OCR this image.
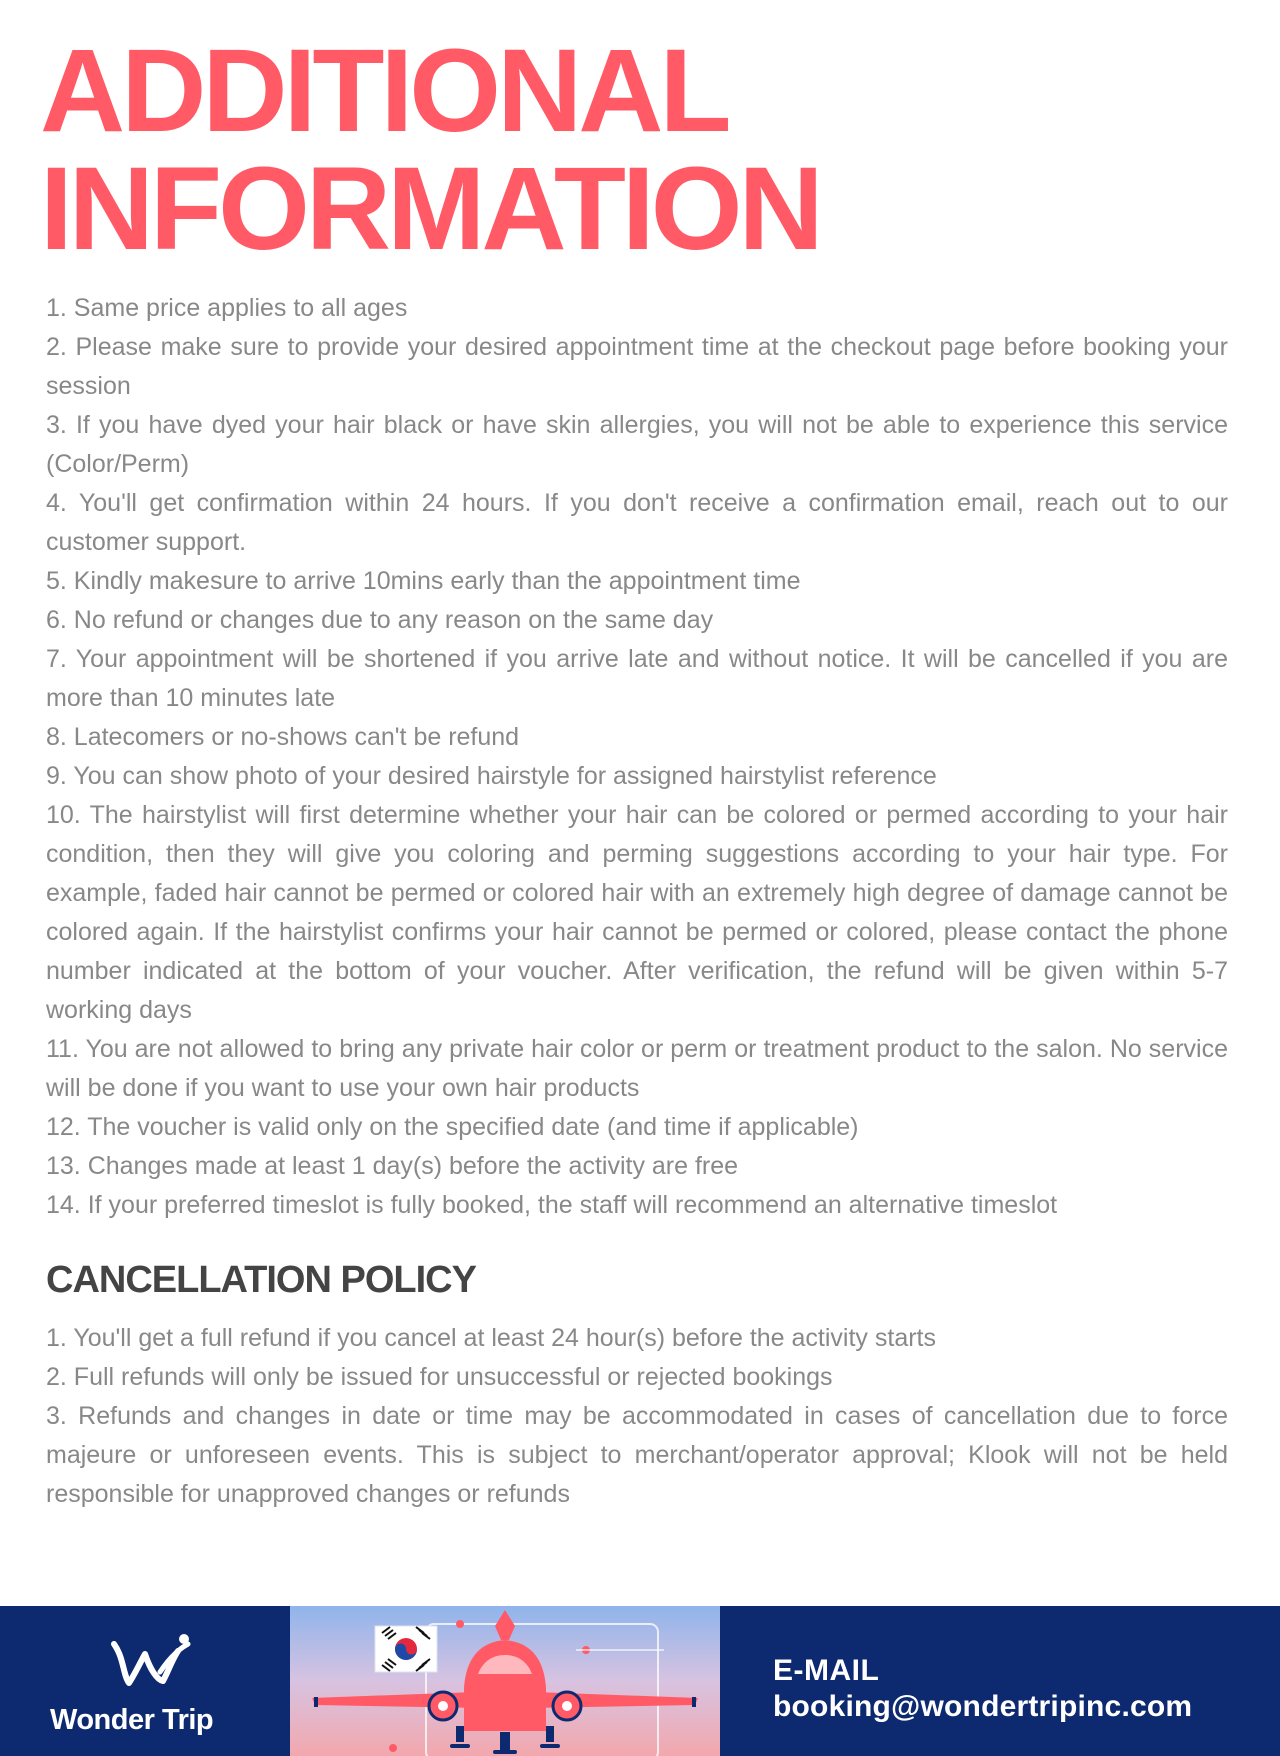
ADDITIONAL
INFORMATION
1. Same price applies to all ages
2. Please make sure to provide your desired appointment time at the checkout page before booking your session
3. If you have dyed your hair black or have skin allergies, you will not be able to experience this service (Color/Perm)
4. You'll get confirmation within 24 hours. If you don't receive a confirmation email, reach out to our customer support.
5. Kindly makesure to arrive 10mins early than the appointment time
6. No refund or changes due to any reason on the same day
7. Your appointment will be shortened if you arrive late and without notice. It will be cancelled if you are more than 10 minutes late
8. Latecomers or no-shows can't be refund
9. You can show photo of your desired hairstyle for assigned hairstylist reference
10. The hairstylist will first determine whether your hair can be colored or permed according to your hair condition, then they will give you coloring and perming suggestions according to your hair type. For example, faded hair cannot be permed or colored hair with an extremely high degree of damage cannot be colored again. If the hairstylist confirms your hair cannot be permed or colored, please contact the phone number indicated at the bottom of your voucher. After verification, the refund will be given within 5-7 working days
11. You are not allowed to bring any private hair color or perm or treatment product to the salon. No service will be done if you want to use your own hair products
12. The voucher is valid only on the specified date (and time if applicable)
13. Changes made at least 1 day(s) before the activity are free
14. If your preferred timeslot is fully booked, the staff will recommend an alternative timeslot
CANCELLATION POLICY
1. You'll get a full refund if you cancel at least 24 hour(s) before the activity starts
2. Full refunds will only be issued for unsuccessful or rejected bookings
3. Refunds and changes in date or time may be accommodated in cases of cancellation due to force majeure or unforeseen events. This is subject to merchant/operator approval; Klook will not be held responsible for unapproved changes or refunds
Wonder Trip

E-MAIL

booking@wondertripinc.com
